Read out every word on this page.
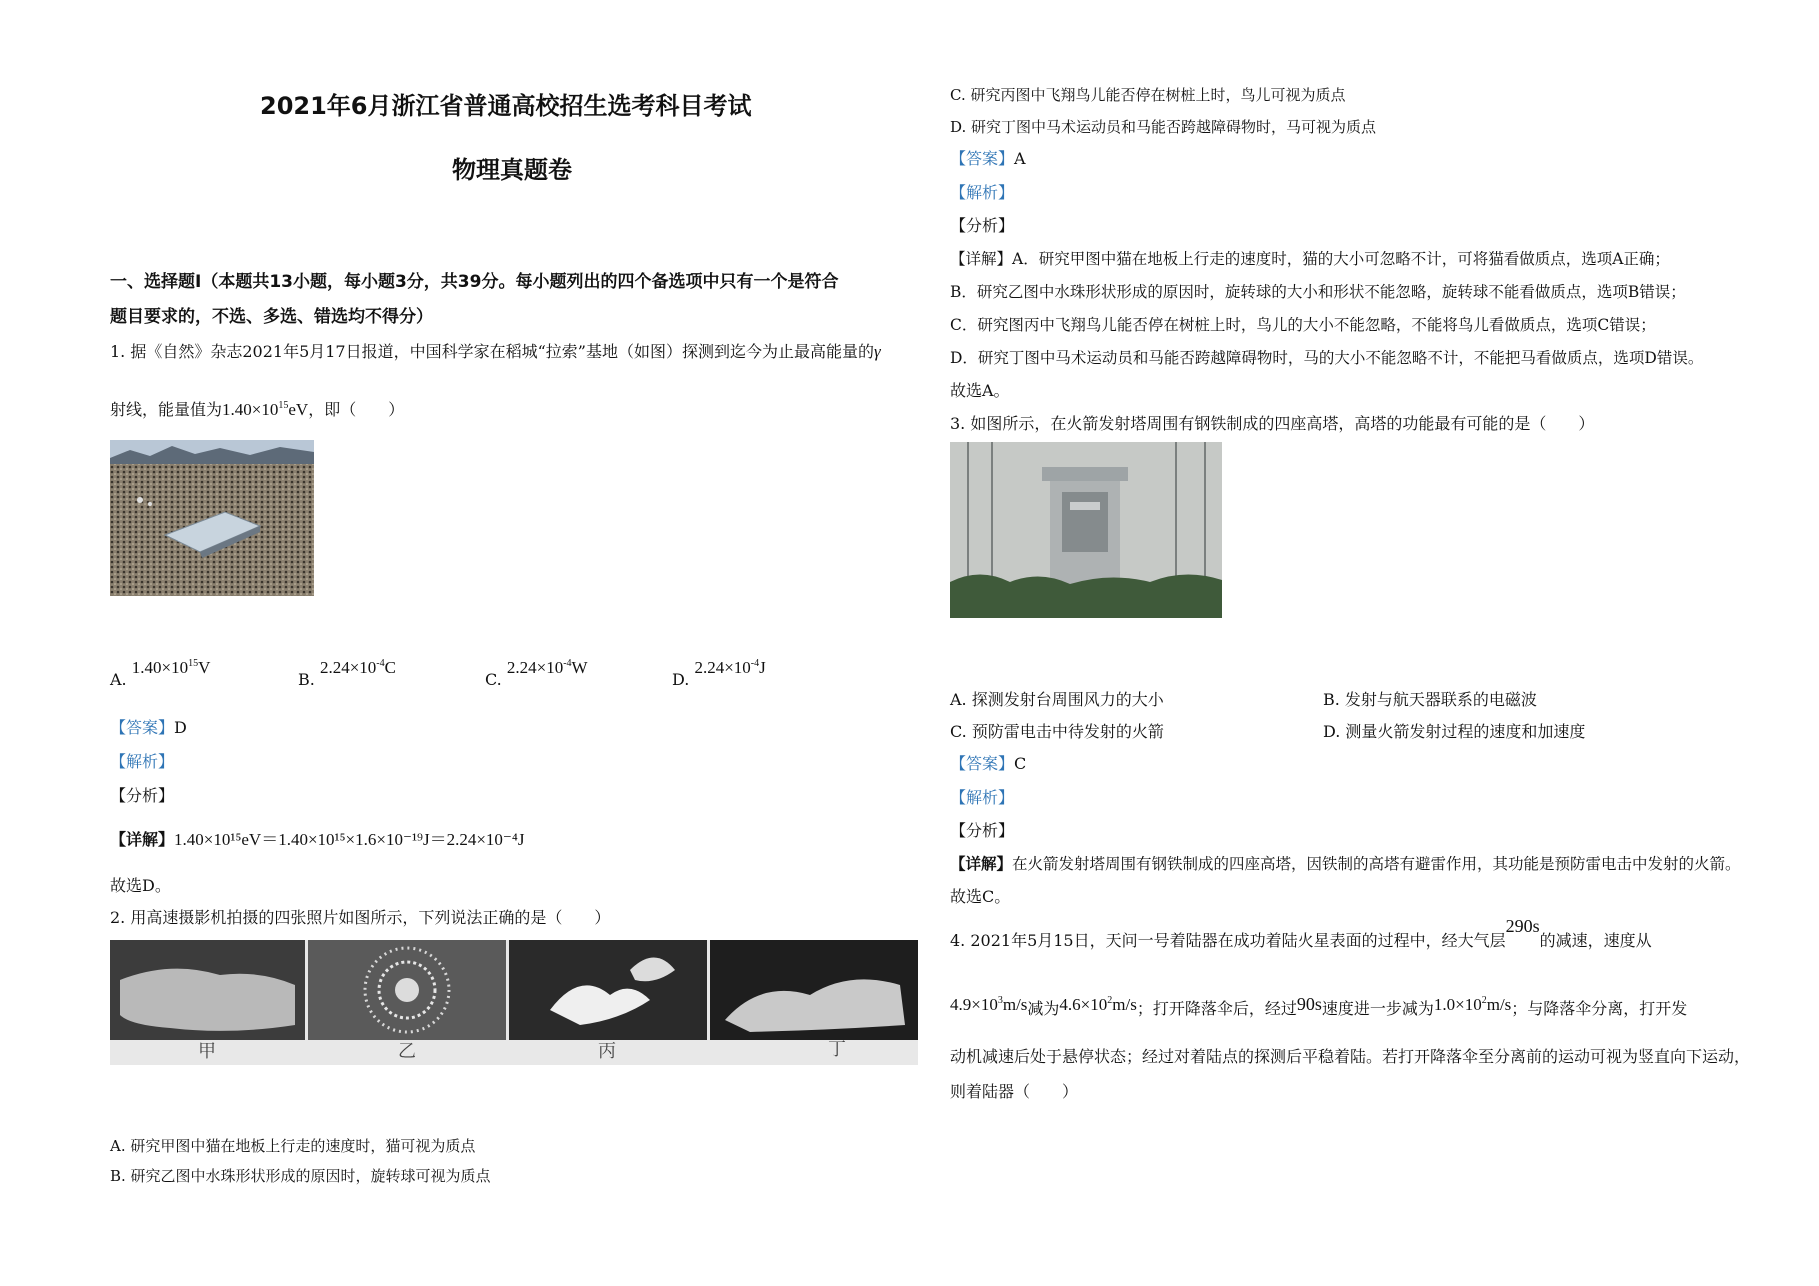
2021年6月浙江省普通高校招生选考科目考试
物理真题卷
一、选择题Ⅰ（本题共13小题，每小题3分，共39分。每小题列出的四个备选项中只有一个是符合
题目要求的，不选、多选、错选均不得分）
1. 据《自然》杂志2021年5月17日报道，中国科学家在稻城“拉索”基地（如图）探测到迄今为止最高能量的γ
射线，能量值为$1.40\times 10^{15}eV$，即（　　）
A. $1.40\times 10^{15}V$
B. $2.24\times 10^{-4}C$
C. $2.24\times 10^{-4}W$
D. $2.24\times 10^{-4}J$
【答案】D
【解析】
【分析】
【详解】1.40×10¹⁵eV＝1.40×10¹⁵×1.6×10⁻¹⁹J＝2.24×10⁻⁴J
故选D。
2. 用高速摄影机拍摄的四张照片如图所示，下列说法正确的是（　　）
甲	乙	丙	丁
A. 研究甲图中猫在地板上行走的速度时，猫可视为质点
B. 研究乙图中水珠形状形成的原因时，旋转球可视为质点
C. 研究丙图中飞翔鸟儿能否停在树桩上时，鸟儿可视为质点
D. 研究丁图中马术运动员和马能否跨越障碍物时，马可视为质点
【答案】A
【解析】
【分析】
【详解】A．研究甲图中猫在地板上行走的速度时，猫的大小可忽略不计，可将猫看做质点，选项A正确；
B．研究乙图中水珠形状形成的原因时，旋转球的大小和形状不能忽略，旋转球不能看做质点，选项B错误；
C．研究图丙中飞翔鸟儿能否停在树桩上时，鸟儿的大小不能忽略，不能将鸟儿看做质点，选项C错误；
D．研究丁图中马术运动员和马能否跨越障碍物时，马的大小不能忽略不计，不能把马看做质点，选项D错误。
故选A。
3. 如图所示，在火箭发射塔周围有钢铁制成的四座高塔，高塔的功能最有可能的是（　　）
A. 探测发射台周围风力的大小	B. 发射与航天器联系的电磁波
C. 预防雷电击中待发射的火箭	D. 测量火箭发射过程的速度和加速度
【答案】C
【解析】
【分析】
【详解】在火箭发射塔周围有钢铁制成的四座高塔，因铁制的高塔有避雷作用，其功能是预防雷电击中发射的火箭。
故选C。
4. 2021年5月15日，天问一号着陆器在成功着陆火星表面的过程中，经大气层290s的减速，速度从
$4.9\times 10^3m/s$减为$4.6\times 10^2m/s$；打开降落伞后，经过90s速度进一步减为$1.0\times 10^2m/s$；与降落伞分离，打开发
动机减速后处于悬停状态；经过对着陆点的探测后平稳着陆。若打开降落伞至分离前的运动可视为竖直向下运动，
则着陆器（　　）
